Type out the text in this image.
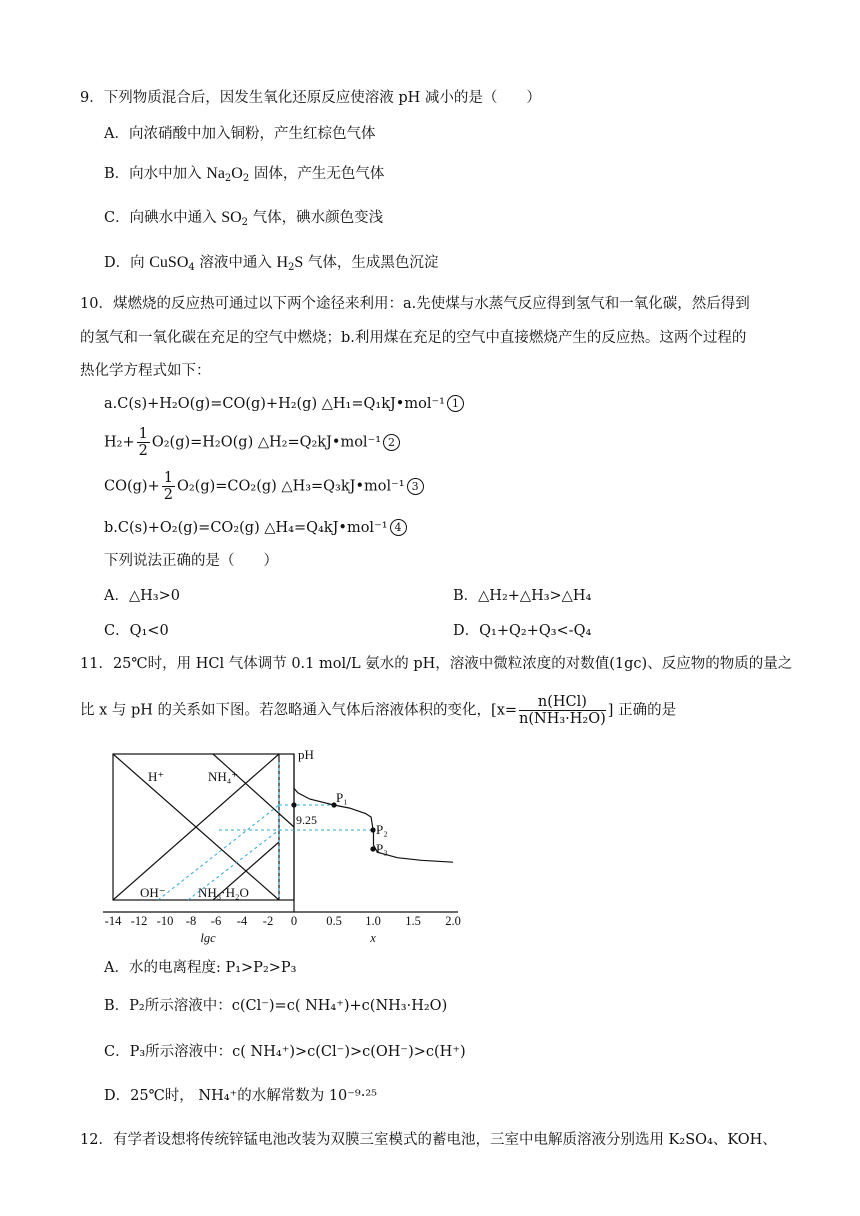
9．下列物质混合后，因发生氧化还原反应使溶液 pH 减小的是（　　）
A．向浓硝酸中加入铜粉，产生红棕色气体
B．向水中加入 $Na_2O_2$ 固体，产生无色气体
C．向碘水中通入 $SO_2$ 气体，碘水颜色变浅
D．向 CuSO$_4$ 溶液中通入 $H_2S$ 气体，生成黑色沉淀
10．煤燃烧的反应热可通过以下两个途径来利用：a.先使煤与水蒸气反应得到氢气和一氧化碳，然后得到
的氢气和一氧化碳在充足的空气中燃烧；b.利用煤在充足的空气中直接燃烧产生的反应热。这两个过程的
热化学方程式如下：
a.C(s)+H₂O(g)=CO(g)+H₂(g) △H₁=Q₁kJ•mol⁻¹ 1
$H_2+ \frac{1}{2} O_2(g)=H_2O(g)$ △H₂=Q₂kJ•mol⁻¹ 2
$CO(g)+ \frac{1}{2} O_2(g)=CO_2(g)$ △H₃=Q₃kJ•mol⁻¹ 3
b.C(s)+O₂(g)=CO₂(g) △H₄=Q₄kJ•mol⁻¹ 4
下列说法正确的是（　　）
A．△H₃>0	B．△H₂+△H₃>△H₄
C．Q₁<0	D．Q₁+Q₂+Q₃<-Q₄
11．25℃时，用 HCl 气体调节 0.1 mol/L 氨水的 pH，溶液中微粒浓度的对数值(1gc)、反应物的物质的量之
比 x 与 pH 的关系如下图。若忽略通入气体后溶液体积的变化，[$x= \frac{\text{n(HCl)}}{\text{n(NH₃·H₂O)}}$ ] 正确的是
pH
H⁺	NH₄⁺
OH⁻ NH₃·H₂O
9.25
P₁
P₂
P₃
-14 -12 -10 -8 -6 -4 -2 0 0.5 1.0 1.5 2.0
lgc	x
A．水的电离程度: P₁>P₂>P₃
B．P₂所示溶液中：c(Cl⁻)=c( NH₄⁺)+c(NH₃·H₂O)
C．P₃所示溶液中：c( NH₄⁺)>c(Cl⁻)>c(OH⁻)>c(H⁺)
D．25℃时， NH₄⁺的水解常数为 10⁻⁹·²⁵
12．有学者设想将传统锌锰电池改装为双膜三室模式的蓄电池，三室中电解质溶液分别选用 K₂SO₄、KOH、
